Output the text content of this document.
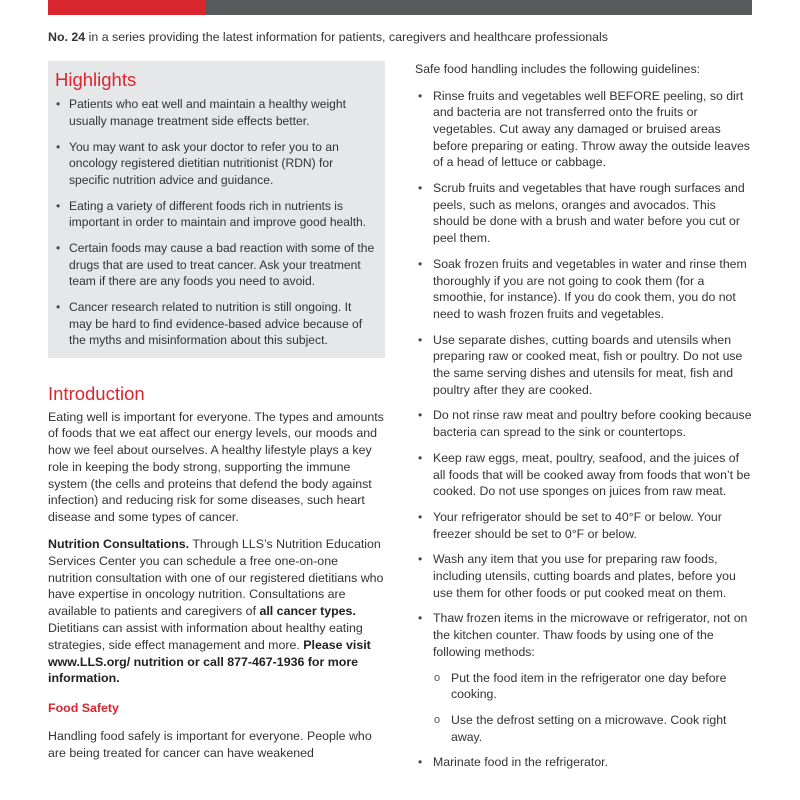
No. 24 in a series providing the latest information for patients, caregivers and healthcare professionals
Highlights
• Patients who eat well and maintain a healthy weight usually manage treatment side effects better.
• You may want to ask your doctor to refer you to an oncology registered dietitian nutritionist (RDN) for specific nutrition advice and guidance.
• Eating a variety of different foods rich in nutrients is important in order to maintain and improve good health.
• Certain foods may cause a bad reaction with some of the drugs that are used to treat cancer. Ask your treatment team if there are any foods you need to avoid.
• Cancer research related to nutrition is still ongoing. It may be hard to find evidence-based advice because of the myths and misinformation about this subject.
Introduction

Eating well is important for everyone. The types and amounts of foods that we eat affect our energy levels, our moods and how we feel about ourselves. A healthy lifestyle plays a key role in keeping the body strong, supporting the immune system (the cells and proteins that defend the body against infection) and reducing risk for some diseases, such heart disease and some types of cancer.

Nutrition Consultations. Through LLS’s Nutrition Education Services Center you can schedule a free one-on-one nutrition consultation with one of our registered dietitians who have expertise in oncology nutrition. Consultations are available to patients and caregivers of all cancer types. Dietitians can assist with information about healthy eating strategies, side effect management and more. Please visit www.LLS.org/ nutrition or call 877-467-1936 for more information.

Food Safety

Handling food safely is important for everyone. People who are being treated for cancer can have weakened

Safe food handling includes the following guidelines:

• Rinse fruits and vegetables well BEFORE peeling, so dirt and bacteria are not transferred onto the fruits or vegetables. Cut away any damaged or bruised areas before preparing or eating. Throw away the outside leaves of a head of lettuce or cabbage.
• Scrub fruits and vegetables that have rough surfaces and peels, such as melons, oranges and avocados. This should be done with a brush and water before you cut or peel them.
• Soak frozen fruits and vegetables in water and rinse them thoroughly if you are not going to cook them (for a smoothie, for instance). If you do cook them, you do not need to wash frozen fruits and vegetables.
• Use separate dishes, cutting boards and utensils when preparing raw or cooked meat, fish or poultry. Do not use the same serving dishes and utensils for meat, fish and poultry after they are cooked.
• Do not rinse raw meat and poultry before cooking because bacteria can spread to the sink or countertops.
• Keep raw eggs, meat, poultry, seafood, and the juices of all foods that will be cooked away from foods that won’t be cooked. Do not use sponges on juices from raw meat.
• Your refrigerator should be set to 40°F or below. Your freezer should be set to 0°F or below.
• Wash any item that you use for preparing raw foods, including utensils, cutting boards and plates, before you use them for other foods or put cooked meat on them.
• Thaw frozen items in the microwave or refrigerator, not on the kitchen counter. Thaw foods by using one of the following methods:
o Put the food item in the refrigerator one day before cooking.
o Use the defrost setting on a microwave. Cook right away.
• Marinate food in the refrigerator.
